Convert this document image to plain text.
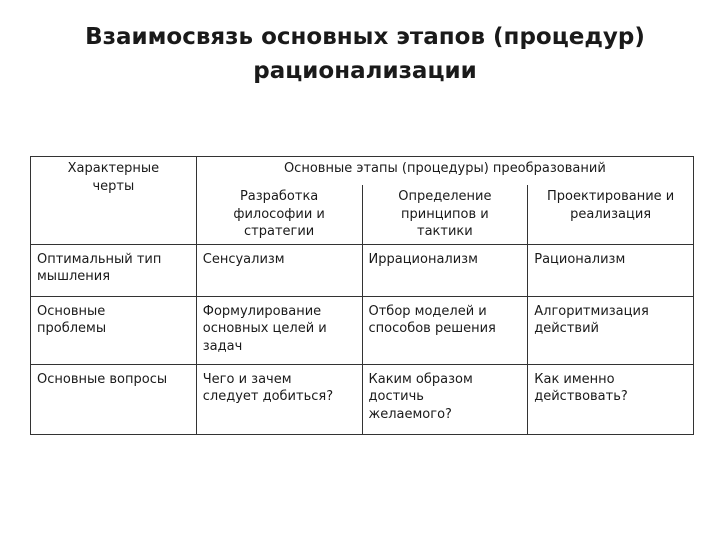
Взаимосвязь основных этапов (процедур)
рационализации
Характерные
черты	Основные этапы (процедуры) преобразований		

	Разработка
философии и
стратегии	Определение
принципов и
тактики	Проектирование и
реализация

Оптимальный тип
мышления	Сенсуализм	Иррационализм	Рационализм

Основные
проблемы	Формулирование
основных целей и
задач	Отбор моделей и
способов решения	Алгоритмизация
действий

Основные вопросы	Чего и зачем
следует добиться?	Каким образом
достичь
желаемого?	Как именно
действовать?
